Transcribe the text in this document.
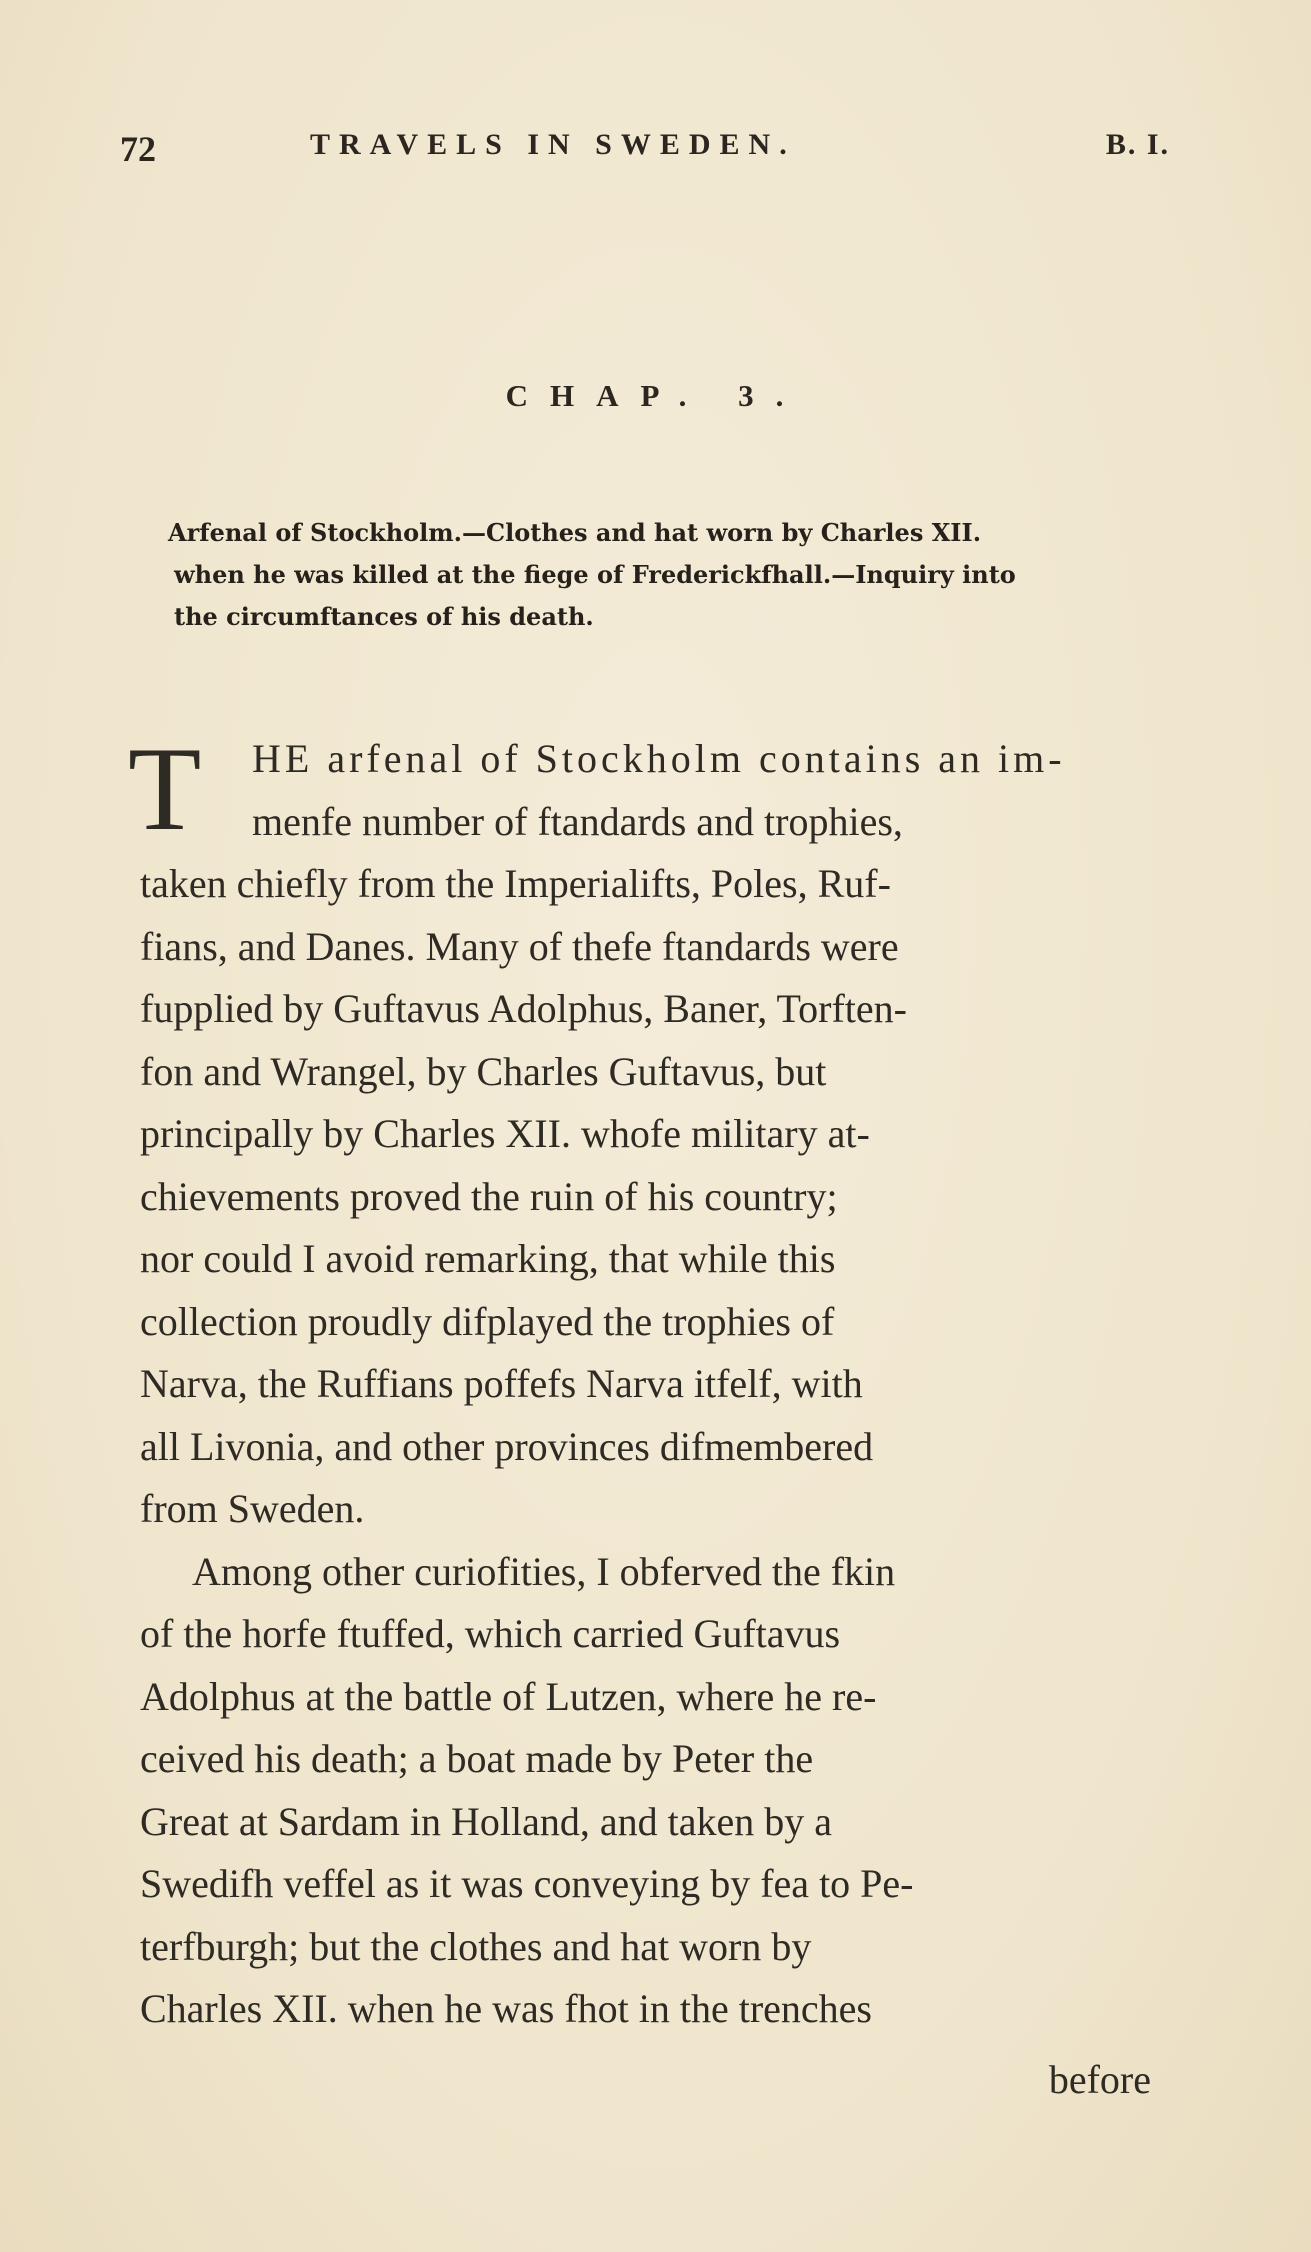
72	TRAVELS IN SWEDEN.	B. I.
CHAP. 3.
Arfenal of Stockholm.—Clothes and hat worn by Charles XII.
when he was killed at the fiege of Frederickfhall.—Inquiry into
the circumftances of his death.
T HE arfenal of Stockholm contains an im-
menfe number of ftandards and trophies,
taken chiefly from the Imperialifts, Poles, Ruf-
fians, and Danes. Many of thefe ftandards were
fupplied by Guftavus Adolphus, Baner, Torften-
fon and Wrangel, by Charles Guftavus, but
principally by Charles XII. whofe military at-
chievements proved the ruin of his country;
nor could I avoid remarking, that while this
collection proudly difplayed the trophies of
Narva, the Ruffians poffefs Narva itfelf, with
all Livonia, and other provinces difmembered
from Sweden.
Among other curiofities, I obferved the fkin
of the horfe ftuffed, which carried Guftavus
Adolphus at the battle of Lutzen, where he re-
ceived his death; a boat made by Peter the
Great at Sardam in Holland, and taken by a
Swedifh veffel as it was conveying by fea to Pe-
terfburgh; but the clothes and hat worn by
Charles XII. when he was fhot in the trenches
before
